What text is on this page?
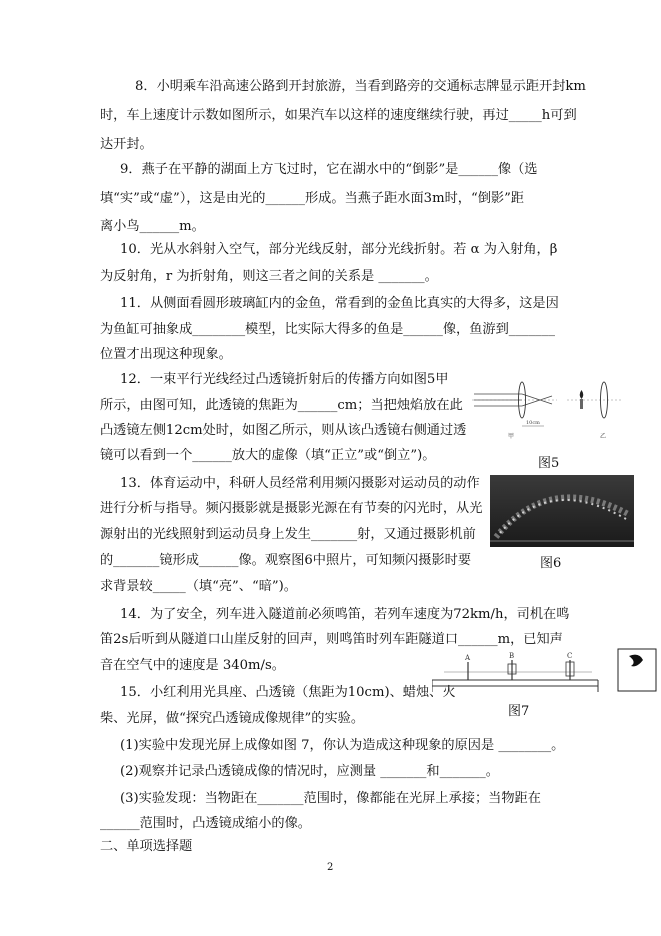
8．小明乘车沿高速公路到开封旅游，当看到路旁的交通标志牌显示距开封km
时，车上速度计示数如图所示，如果汽车以这样的速度继续行驶，再过_____h可到
达开封。
9．燕子在平静的湖面上方飞过时，它在湖水中的“倒影”是______像（选
填“实”或“虚”），这是由光的______形成。当燕子距水面3m时，“倒影”距
离小鸟______m。
10．光从水斜射入空气，部分光线反射，部分光线折射。若 α 为入射角，β
为反射角，r 为折射角，则这三者之间的关系是 _______。
11．从侧面看圆形玻璃缸内的金鱼，常看到的金鱼比真实的大得多，这是因
为鱼缸可抽象成________模型，比实际大得多的鱼是______像，鱼游到_______
位置才出现这种现象。
12．一束平行光线经过凸透镜折射后的传播方向如图5甲
所示，由图可知，此透镜的焦距为______cm；当把烛焰放在此
凸透镜左侧12cm处时，如图乙所示，则从该凸透镜右侧通过透
镜可以看到一个______放大的虚像（填“正立”或“倒立”)。
10cm
甲	乙
图5
13．体育运动中，科研人员经常利用频闪摄影对运动员的动作
进行分析与指导。频闪摄影就是摄影光源在有节奏的闪光时，从光
源射出的光线照射到运动员身上发生_______射，又通过摄影机前
的_______镜形成______像。观察图6中照片，可知频闪摄影时要
求背景较_____（填“亮”、“暗”)。
图6
14．为了安全，列车进入隧道前必须鸣笛，若列车速度为72km/h，司机在鸣
笛2s后听到从隧道口山崖反射的回声，则鸣笛时列车距隧道口______m，已知声
音在空气中的速度是 340m/s。
15．小红利用光具座、凸透镜（焦距为10cm)、蜡烛、火
柴、光屏，做“探究凸透镜成像规律”的实验。
A	B	C
图7
(1)实验中发现光屏上成像如图 7，你认为造成这种现象的原因是 ________。
(2)观察并记录凸透镜成像的情况时，应测量 _______和_______。
(3)实验发现：当物距在_______范围时，像都能在光屏上承接；当物距在
______范围时，凸透镜成缩小的像。
二、单项选择题
2
